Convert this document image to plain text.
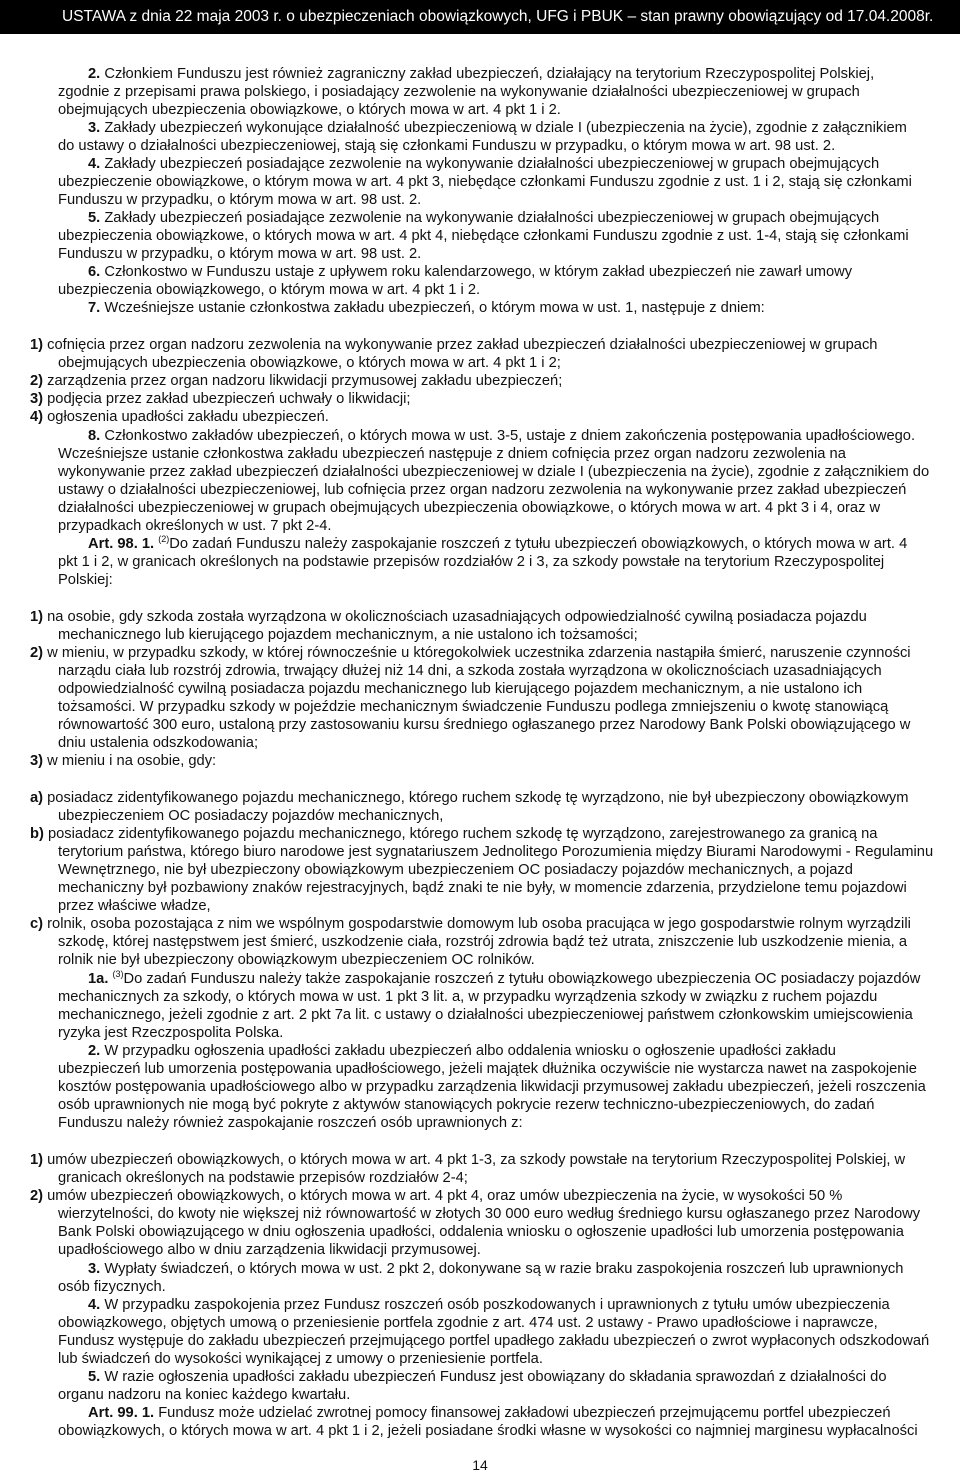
USTAWA z dnia 22 maja 2003 r. o ubezpieczeniach obowiązkowych, UFG i PBUK – stan prawny obowiązujący od 17.04.2008r.
2. Członkiem Funduszu jest również zagraniczny zakład ubezpieczeń, działający na terytorium Rzeczypospolitej Polskiej,
zgodnie z przepisami prawa polskiego, i posiadający zezwolenie na wykonywanie działalności ubezpieczeniowej w grupach
obejmujących ubezpieczenia obowiązkowe, o których mowa w art. 4 pkt 1 i 2.
3. Zakłady ubezpieczeń wykonujące działalność ubezpieczeniową w dziale I (ubezpieczenia na życie), zgodnie z załącznikiem
do ustawy o działalności ubezpieczeniowej, stają się członkami Funduszu w przypadku, o którym mowa w art. 98 ust. 2.
4. Zakłady ubezpieczeń posiadające zezwolenie na wykonywanie działalności ubezpieczeniowej w grupach obejmujących
ubezpieczenie obowiązkowe, o którym mowa w art. 4 pkt 3, niebędące członkami Funduszu zgodnie z ust. 1 i 2, stają się członkami
Funduszu w przypadku, o którym mowa w art. 98 ust. 2.
5. Zakłady ubezpieczeń posiadające zezwolenie na wykonywanie działalności ubezpieczeniowej w grupach obejmujących
ubezpieczenia obowiązkowe, o których mowa w art. 4 pkt 4, niebędące członkami Funduszu zgodnie z ust. 1-4, stają się członkami
Funduszu w przypadku, o którym mowa w art. 98 ust. 2.
6. Członkostwo w Funduszu ustaje z upływem roku kalendarzowego, w którym zakład ubezpieczeń nie zawarł umowy
ubezpieczenia obowiązkowego, o którym mowa w art. 4 pkt 1 i 2.
7. Wcześniejsze ustanie członkostwa zakładu ubezpieczeń, o którym mowa w ust. 1, następuje z dniem:
1) cofnięcia przez organ nadzoru zezwolenia na wykonywanie przez zakład ubezpieczeń działalności ubezpieczeniowej w grupach
obejmujących ubezpieczenia obowiązkowe, o których mowa w art. 4 pkt 1 i 2;
2) zarządzenia przez organ nadzoru likwidacji przymusowej zakładu ubezpieczeń;
3) podjęcia przez zakład ubezpieczeń uchwały o likwidacji;
4) ogłoszenia upadłości zakładu ubezpieczeń.
8. Członkostwo zakładów ubezpieczeń, o których mowa w ust. 3-5, ustaje z dniem zakończenia postępowania upadłościowego.
Wcześniejsze ustanie członkostwa zakładu ubezpieczeń następuje z dniem cofnięcia przez organ nadzoru zezwolenia na
wykonywanie przez zakład ubezpieczeń działalności ubezpieczeniowej w dziale I (ubezpieczenia na życie), zgodnie z załącznikiem do
ustawy o działalności ubezpieczeniowej, lub cofnięcia przez organ nadzoru zezwolenia na wykonywanie przez zakład ubezpieczeń
działalności ubezpieczeniowej w grupach obejmujących ubezpieczenia obowiązkowe, o których mowa w art. 4 pkt 3 i 4, oraz w
przypadkach określonych w ust. 7 pkt 2-4.
Art. 98. 1. $^{(2)}$Do zadań Funduszu należy zaspokajanie roszczeń z tytułu ubezpieczeń obowiązkowych, o których mowa w art. 4
pkt 1 i 2, w granicach określonych na podstawie przepisów rozdziałów 2 i 3, za szkody powstałe na terytorium Rzeczypospolitej
Polskiej:
1) na osobie, gdy szkoda została wyrządzona w okolicznościach uzasadniających odpowiedzialność cywilną posiadacza pojazdu
mechanicznego lub kierującego pojazdem mechanicznym, a nie ustalono ich tożsamości;
2) w mieniu, w przypadku szkody, w której równocześnie u któregokolwiek uczestnika zdarzenia nastąpiła śmierć, naruszenie czynności
narządu ciała lub rozstrój zdrowia, trwający dłużej niż 14 dni, a szkoda została wyrządzona w okolicznościach uzasadniających
odpowiedzialność cywilną posiadacza pojazdu mechanicznego lub kierującego pojazdem mechanicznym, a nie ustalono ich
tożsamości. W przypadku szkody w pojeździe mechanicznym świadczenie Funduszu podlega zmniejszeniu o kwotę stanowiącą
równowartość 300 euro, ustaloną przy zastosowaniu kursu średniego ogłaszanego przez Narodowy Bank Polski obowiązującego w
dniu ustalenia odszkodowania;
3) w mieniu i na osobie, gdy:
a) posiadacz zidentyfikowanego pojazdu mechanicznego, którego ruchem szkodę tę wyrządzono, nie był ubezpieczony obowiązkowym
ubezpieczeniem OC posiadaczy pojazdów mechanicznych,
b) posiadacz zidentyfikowanego pojazdu mechanicznego, którego ruchem szkodę tę wyrządzono, zarejestrowanego za granicą na
terytorium państwa, którego biuro narodowe jest sygnatariuszem Jednolitego Porozumienia między Biurami Narodowymi - Regulaminu
Wewnętrznego, nie był ubezpieczony obowiązkowym ubezpieczeniem OC posiadaczy pojazdów mechanicznych, a pojazd
mechaniczny był pozbawiony znaków rejestracyjnych, bądź znaki te nie były, w momencie zdarzenia, przydzielone temu pojazdowi
przez właściwe władze,
c) rolnik, osoba pozostająca z nim we wspólnym gospodarstwie domowym lub osoba pracująca w jego gospodarstwie rolnym wyrządzili
szkodę, której następstwem jest śmierć, uszkodzenie ciała, rozstrój zdrowia bądź też utrata, zniszczenie lub uszkodzenie mienia, a
rolnik nie był ubezpieczony obowiązkowym ubezpieczeniem OC rolników.
1a. $^{(3)}$Do zadań Funduszu należy także zaspokajanie roszczeń z tytułu obowiązkowego ubezpieczenia OC posiadaczy pojazdów
mechanicznych za szkody, o których mowa w ust. 1 pkt 3 lit. a, w przypadku wyrządzenia szkody w związku z ruchem pojazdu
mechanicznego, jeżeli zgodnie z art. 2 pkt 7a lit. c ustawy o działalności ubezpieczeniowej państwem członkowskim umiejscowienia
ryzyka jest Rzeczpospolita Polska.
2. W przypadku ogłoszenia upadłości zakładu ubezpieczeń albo oddalenia wniosku o ogłoszenie upadłości zakładu
ubezpieczeń lub umorzenia postępowania upadłościowego, jeżeli majątek dłużnika oczywiście nie wystarcza nawet na zaspokojenie
kosztów postępowania upadłościowego albo w przypadku zarządzenia likwidacji przymusowej zakładu ubezpieczeń, jeżeli roszczenia
osób uprawnionych nie mogą być pokryte z aktywów stanowiących pokrycie rezerw techniczno-ubezpieczeniowych, do zadań
Funduszu należy również zaspokajanie roszczeń osób uprawnionych z:
1) umów ubezpieczeń obowiązkowych, o których mowa w art. 4 pkt 1-3, za szkody powstałe na terytorium Rzeczypospolitej Polskiej, w
granicach określonych na podstawie przepisów rozdziałów 2-4;
2) umów ubezpieczeń obowiązkowych, o których mowa w art. 4 pkt 4, oraz umów ubezpieczenia na życie, w wysokości 50 %
wierzytelności, do kwoty nie większej niż równowartość w złotych 30 000 euro według średniego kursu ogłaszanego przez Narodowy
Bank Polski obowiązującego w dniu ogłoszenia upadłości, oddalenia wniosku o ogłoszenie upadłości lub umorzenia postępowania
upadłościowego albo w dniu zarządzenia likwidacji przymusowej.
3. Wypłaty świadczeń, o których mowa w ust. 2 pkt 2, dokonywane są w razie braku zaspokojenia roszczeń lub uprawnionych
osób fizycznych.
4. W przypadku zaspokojenia przez Fundusz roszczeń osób poszkodowanych i uprawnionych z tytułu umów ubezpieczenia
obowiązkowego, objętych umową o przeniesienie portfela zgodnie z art. 474 ust. 2 ustawy - Prawo upadłościowe i naprawcze,
Fundusz występuje do zakładu ubezpieczeń przejmującego portfel upadłego zakładu ubezpieczeń o zwrot wypłaconych odszkodowań
lub świadczeń do wysokości wynikającej z umowy o przeniesienie portfela.
5. W razie ogłoszenia upadłości zakładu ubezpieczeń Fundusz jest obowiązany do składania sprawozdań z działalności do
organu nadzoru na koniec każdego kwartału.
Art. 99. 1. Fundusz może udzielać zwrotnej pomocy finansowej zakładowi ubezpieczeń przejmującemu portfel ubezpieczeń
obowiązkowych, o których mowa w art. 4 pkt 1 i 2, jeżeli posiadane środki własne w wysokości co najmniej marginesu wypłacalności
14
